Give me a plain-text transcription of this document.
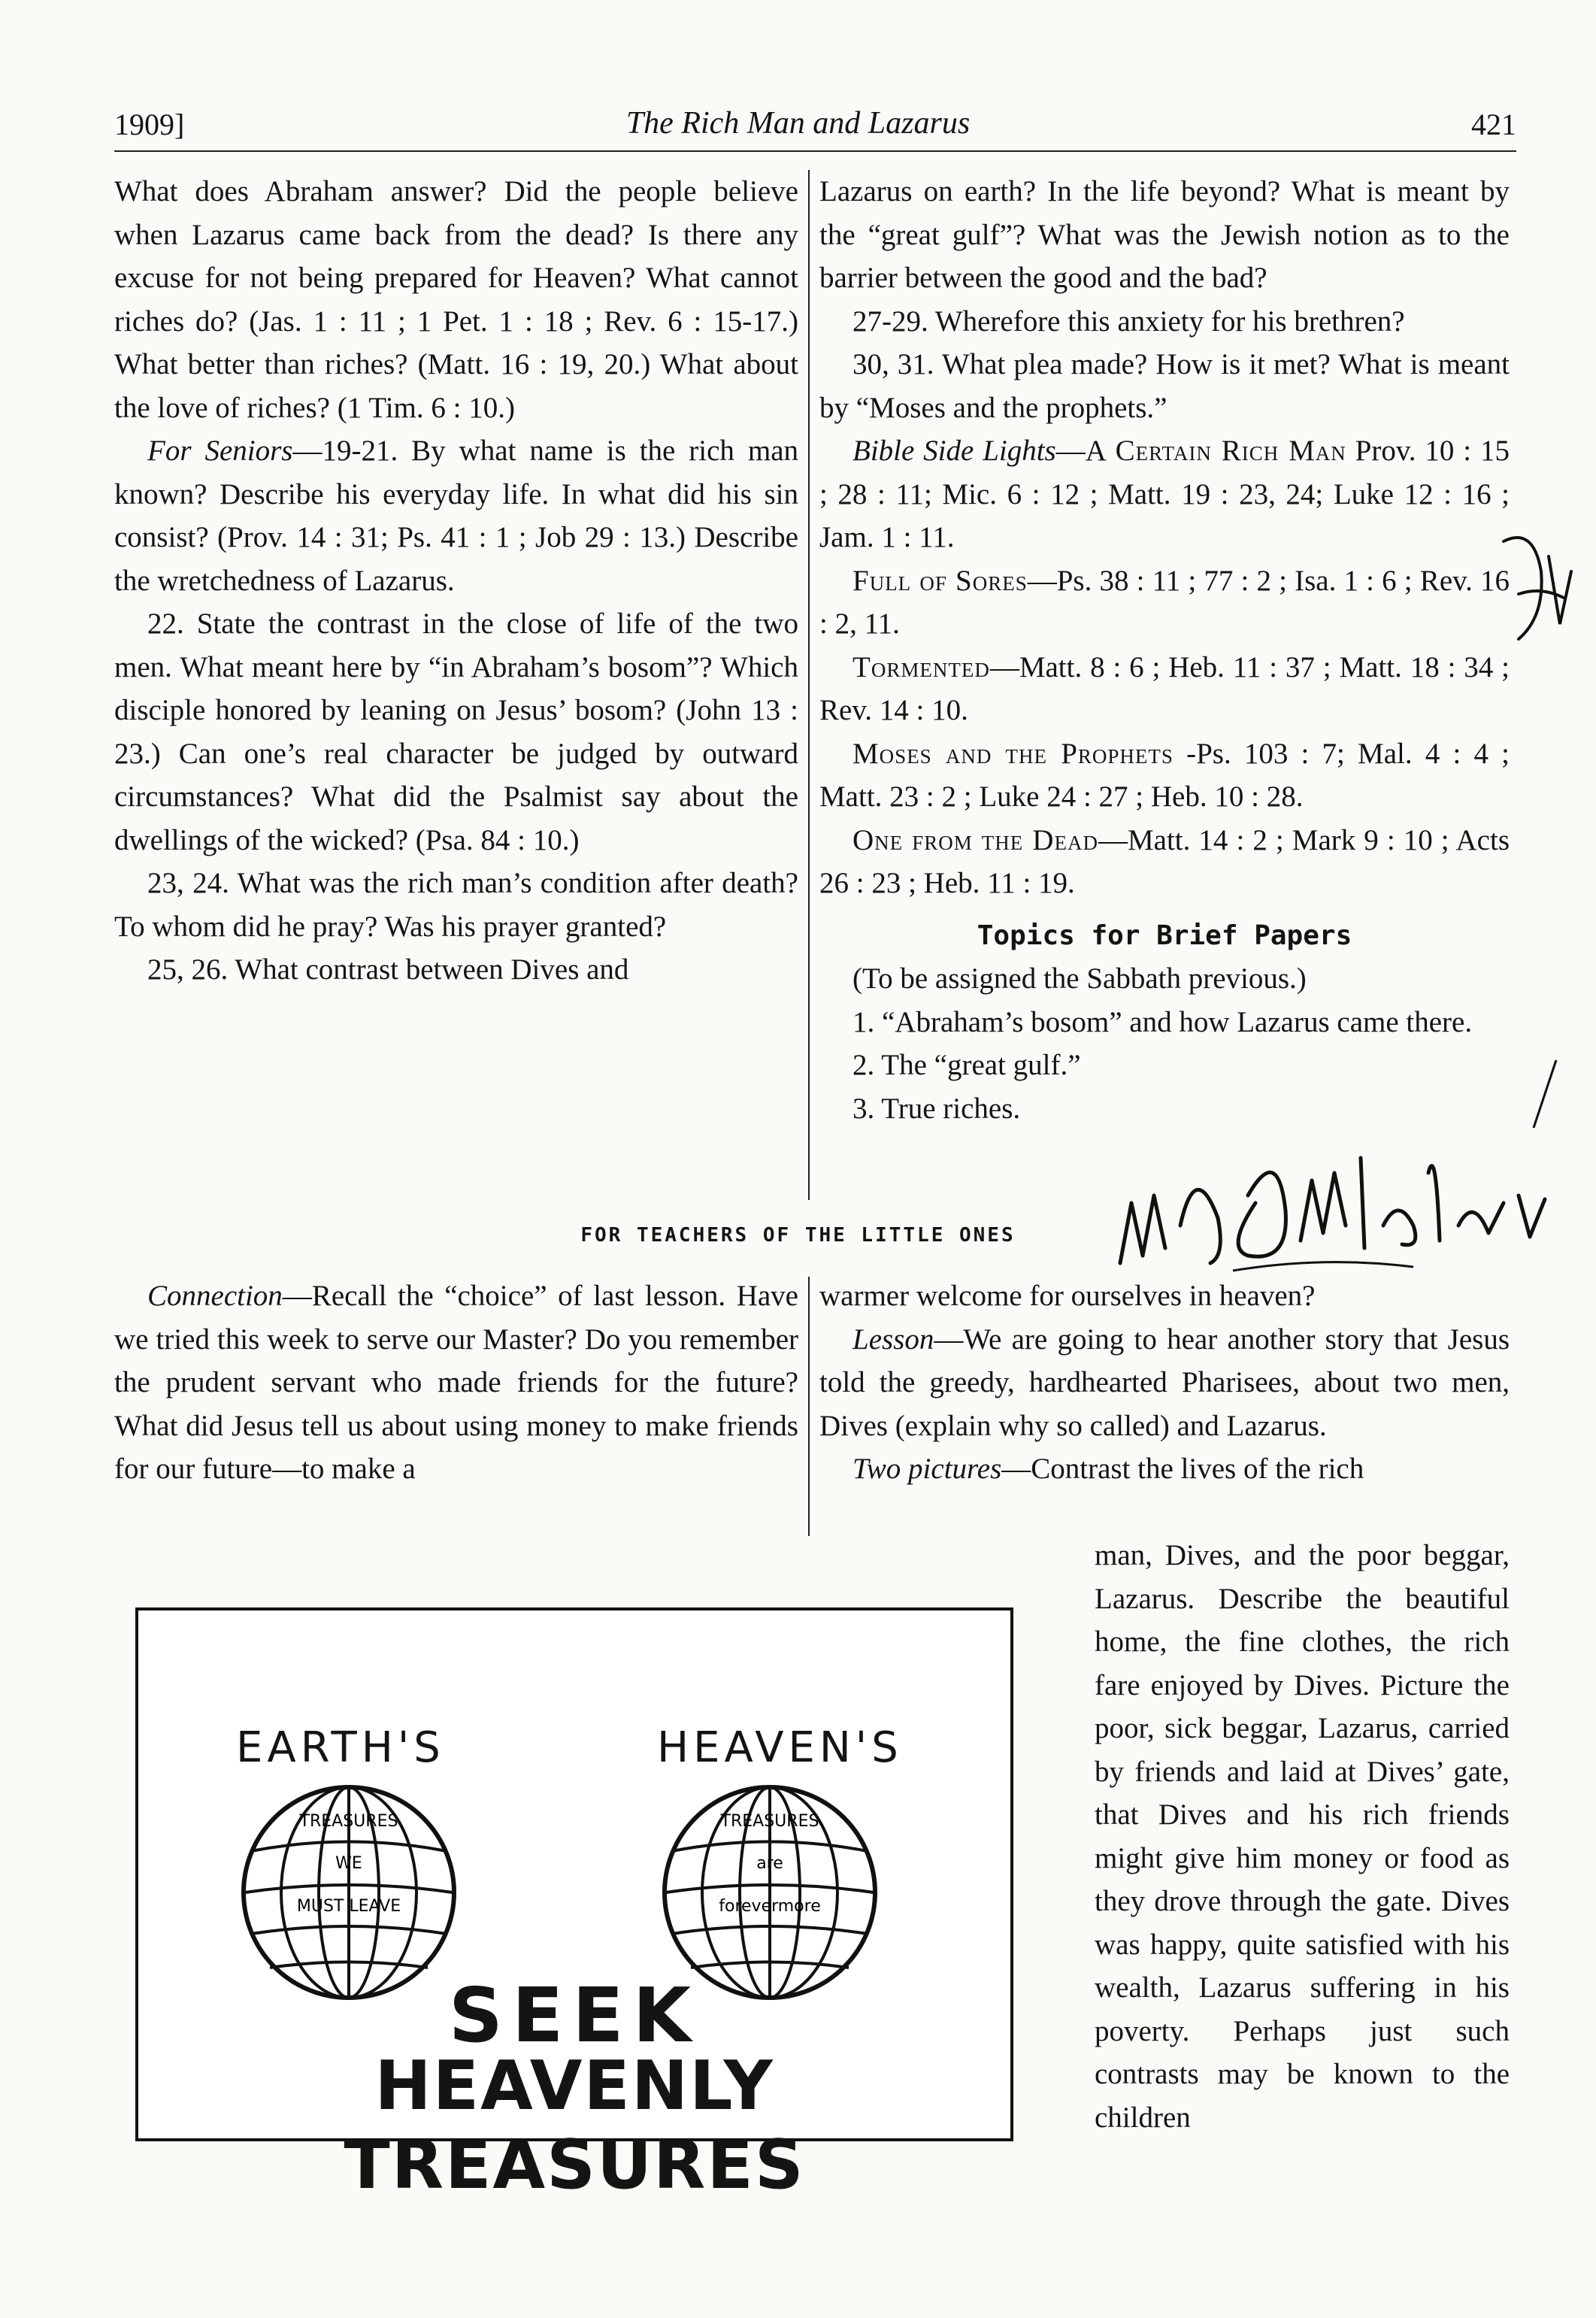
1909]	The Rich Man and Lazarus	421

What does Abraham answer? Did the people believe when Lazarus came back from the dead? Is there any excuse for not being prepared for Heaven? What cannot riches do? (Jas. 1 : 11 ; 1 Pet. 1 : 18 ; Rev. 6 : 15-17.) What better than riches? (Matt. 16 : 19, 20.) What about the love of riches? (1 Tim. 6 : 10.)

For Seniors—19-21. By what name is the rich man known? Describe his everyday life. In what did his sin consist? (Prov. 14 : 31; Ps. 41 : 1 ; Job 29 : 13.) Describe the wretchedness of Lazarus.

22. State the contrast in the close of life of the two men. What meant here by “in Abraham’s bosom”? Which disciple honored by leaning on Jesus’ bosom? (John 13 : 23.) Can one’s real character be judged by outward circumstances? What did the Psalmist say about the dwellings of the wicked? (Psa. 84 : 10.)

23, 24. What was the rich man’s condition after death? To whom did he pray? Was his prayer granted?

25, 26. What contrast between Dives and

Lazarus on earth? In the life beyond? What is meant by the “great gulf”? What was the Jewish notion as to the barrier between the good and the bad?

27-29. Wherefore this anxiety for his brethren?

30, 31. What plea made? How is it met? What is meant by “Moses and the prophets.”

Bible Side Lights—A Certain Rich Man Prov. 10 : 15 ; 28 : 11; Mic. 6 : 12 ; Matt. 19 : 23, 24; Luke 12 : 16 ; Jam. 1 : 11.

Full of Sores—Ps. 38 : 11 ; 77 : 2 ; Isa. 1 : 6 ; Rev. 16 : 2, 11.

Tormented—Matt. 8 : 6 ; Heb. 11 : 37 ; Matt. 18 : 34 ; Rev. 14 : 10.

Moses and the Prophets -Ps. 103 : 7; Mal. 4 : 4 ; Matt. 23 : 2 ; Luke 24 : 27 ; Heb. 10 : 28.

One from the Dead—Matt. 14 : 2 ; Mark 9 : 10 ; Acts 26 : 23 ; Heb. 11 : 19.

Topics for Brief Papers

(To be assigned the Sabbath previous.)

1. “Abraham’s bosom” and how Lazarus came there.

2. The “great gulf.”

3. True riches.

FOR TEACHERS OF THE LITTLE ONES

Connection—Recall the “choice” of last lesson. Have we tried this week to serve our Master? Do you remember the prudent servant who made friends for the future? What did Jesus tell us about using money to make friends for our future—to make a

warmer welcome for ourselves in heaven?

Lesson—We are going to hear another story that Jesus told the greedy, hardhearted Pharisees, about two men, Dives (explain why so called) and Lazarus.

Two pictures—Contrast the lives of the rich

man, Dives, and the poor beggar, Lazarus. Describe the beautiful home, the fine clothes, the rich fare enjoyed by Dives. Picture the poor, sick beggar, Lazarus, carried by friends and laid at Dives’ gate, that Dives and his rich friends might give him money or food as they drove through the gate. Dives was happy, quite satisfied with his wealth, Lazarus suffering in his poverty. Perhaps just such contrasts may be known to the children

EARTH'S	HEAVEN'S
TREASURES
WE
MUST LEAVE
TREASURES
are
forevermore
SEEK
HEAVENLY TREASURES
